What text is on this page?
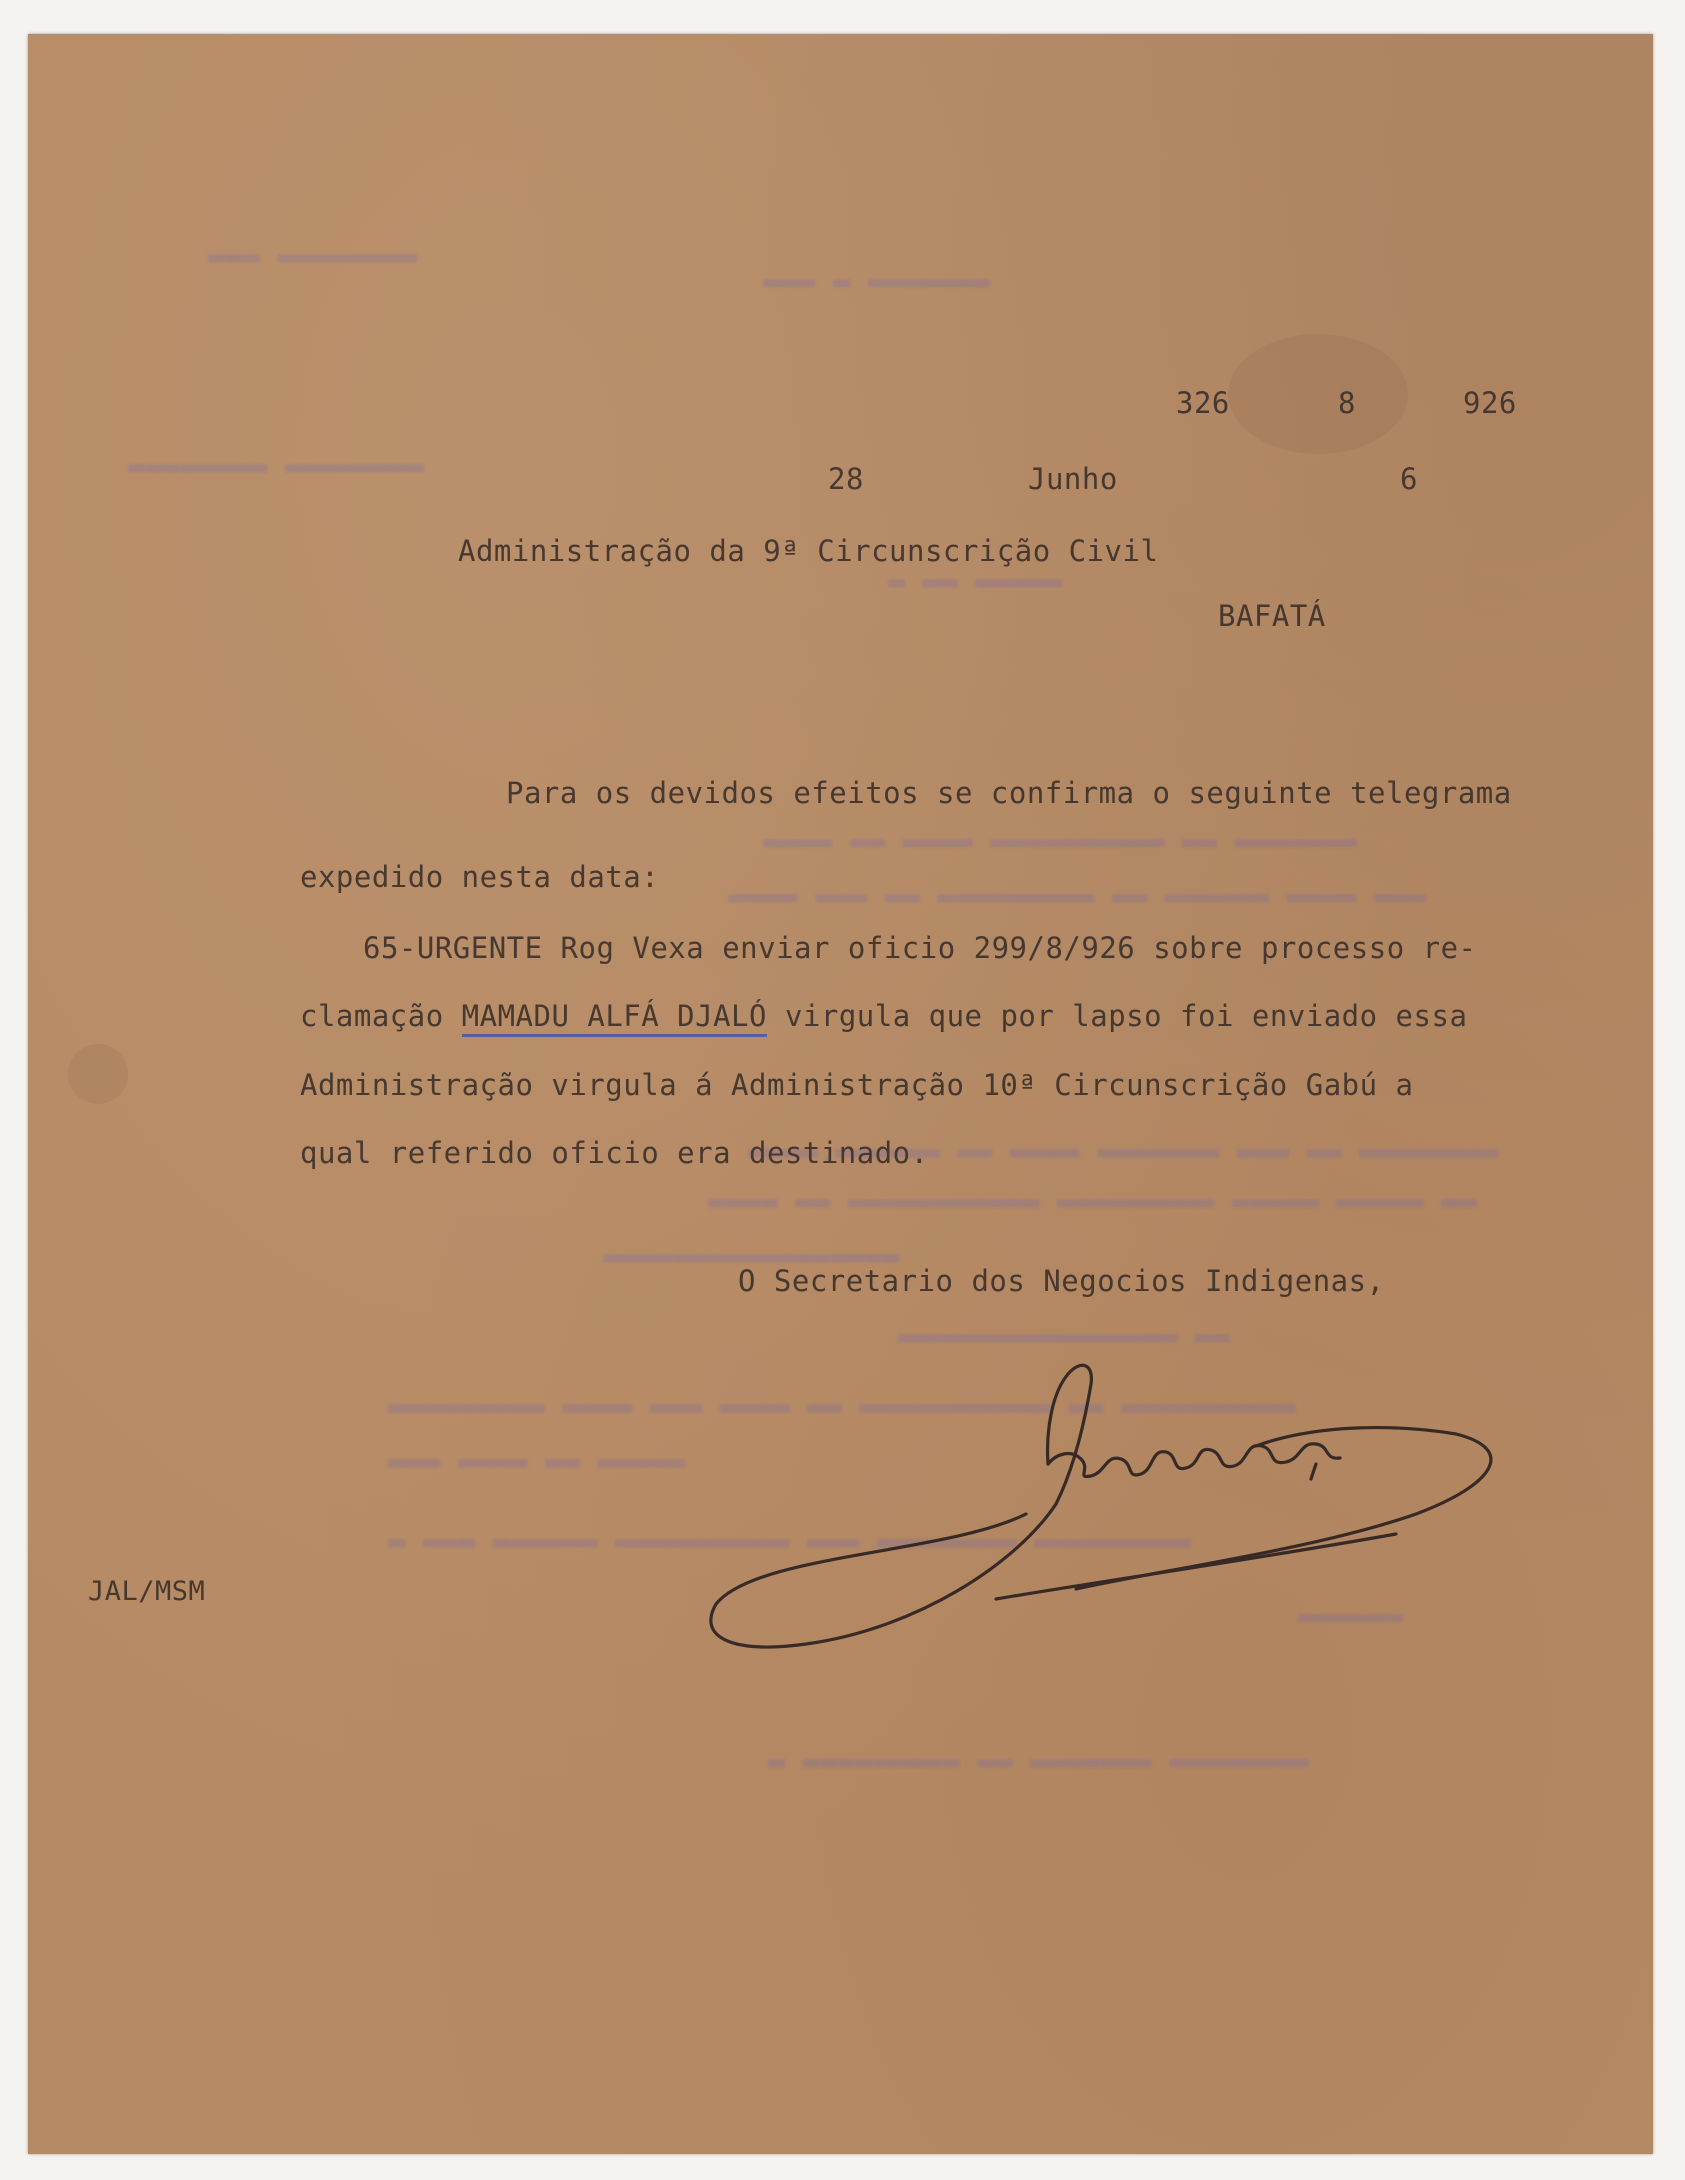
▬▬▬ ▬ ▬▬▬▬▬▬▬
▬▬▬ ▬▬▬▬▬▬▬▬
▬▬▬▬▬▬▬▬ ▬▬▬▬▬▬▬▬
▬ ▬▬ ▬▬▬▬▬
▬▬▬▬ ▬▬ ▬▬▬▬ ▬▬▬▬▬▬▬▬▬▬ ▬▬ ▬▬▬▬▬▬▬
▬▬▬▬ ▬▬▬ ▬▬ ▬▬▬▬▬▬▬▬▬ ▬▬ ▬▬▬▬▬▬ ▬▬▬▬ ▬▬▬
▬▬▬▬.▬▬▬▬▬▬ ▬▬ ▬▬▬▬ ▬▬▬▬▬▬▬ ▬▬▬ ▬▬ ▬▬▬▬▬▬▬▬
▬▬▬▬ ▬▬ ▬▬▬▬▬▬▬▬▬▬▬ ▬▬▬▬▬▬▬▬▬ ▬▬▬▬▬ ▬▬▬▬▬ ▬▬
▬▬▬▬▬▬▬▬▬▬▬▬▬▬▬▬▬
▬▬▬▬▬▬▬▬▬▬▬▬▬▬▬▬ ▬▬
▬▬▬▬▬▬▬▬▬ ▬▬▬▬ ▬▬▬ ▬▬▬▬ ▬▬ ▬▬▬▬▬▬▬▬▬▬▬ ▬▬ ▬▬▬▬▬▬▬▬▬▬
▬▬▬ ▬▬▬▬ ▬▬ ▬▬▬▬▬
▬ ▬▬▬ ▬▬▬▬▬▬ ▬▬▬▬▬▬▬▬▬▬ ▬▬▬ ▬▬▬▬▬▬▬▬ ▬▬▬▬▬▬▬▬▬
▬▬▬▬▬▬
▬ ▬▬▬▬▬▬▬▬▬ ▬▬ ▬▬▬▬▬▬▬ ▬▬▬▬▬▬▬▬
326	8	926
28	Junho	6
Administração da 9ª Circunscrição Civil
BAFATÁ
Para os devidos efeitos se confirma o seguinte telegrama
expedido nesta data:
65-URGENTE Rog Vexa enviar oficio 299/8/926 sobre processo re-
clamação MAMADU ALFÁ DJALÓ virgula que por lapso foi enviado essa
Administração virgula á Administração 10ª Circunscrição Gabú a
qual referido oficio era destinado.
O Secretario dos Negocios Indigenas,
JAL/MSM
